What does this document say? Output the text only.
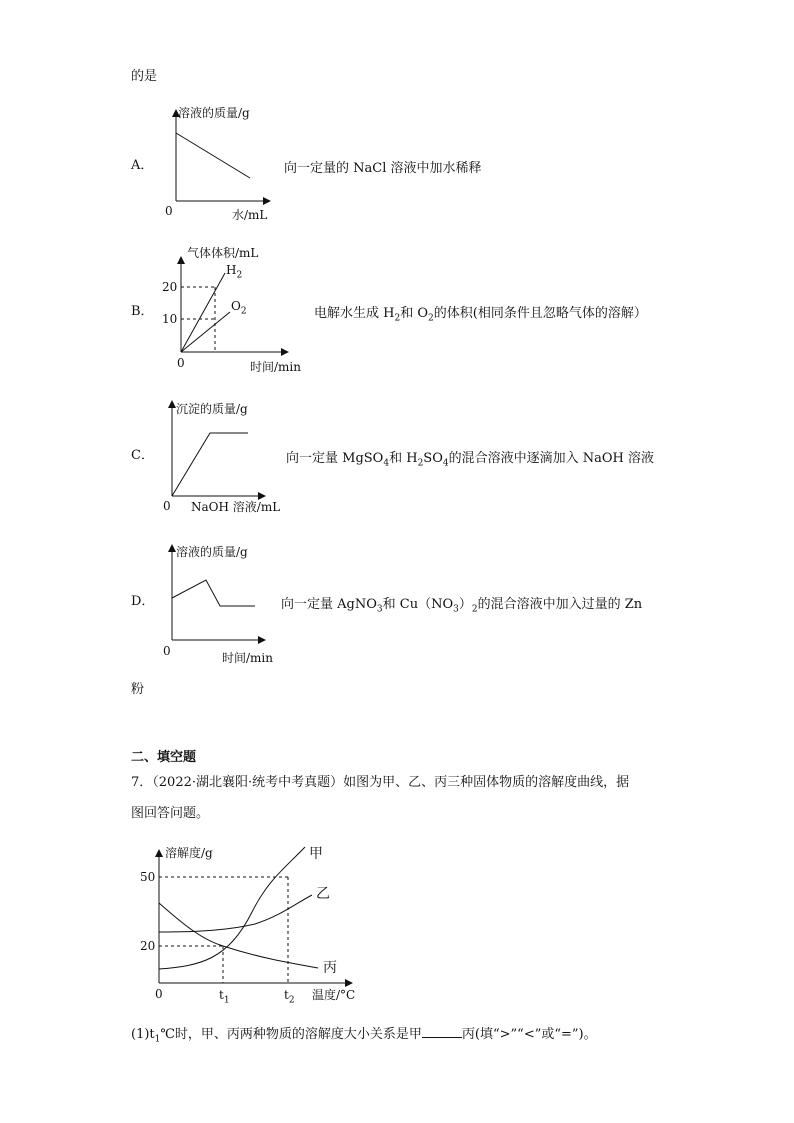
的是
A．
溶液的质量/g
0	水/mL
向一定量的 NaCl 溶液中加水稀释
B．
气体体积/mL
20
10
$H_2$
$O_2$
0	时间/min
电解水生成 $H_2$和 $O_2$的体积(相同条件且忽略气体的溶解）
C．
沉淀的质量/g
0 NaOH 溶液/mL
向一定量 MgSO$_4$和 $H_2SO_4$的混合溶液中逐滴加入 NaOH 溶液
D．
溶液的质量/g
0	时间/min
向一定量 AgNO$_3$和 $Cu(NO_3)_2$的混合溶液中加入过量的 Zn
粉
二、填空题
7．（2022·湖北襄阳·统考中考真题）如图为甲、乙、丙三种固体物质的溶解度曲线，据
图回答问题。
溶解度/g
50
20
0	$t_1$	$t_2$ 温度/°C
甲
乙
丙
$(1)t_1℃$时，甲、丙两种物质的溶解度大小关系是甲	丙(填“>”“<”或“=”)。
